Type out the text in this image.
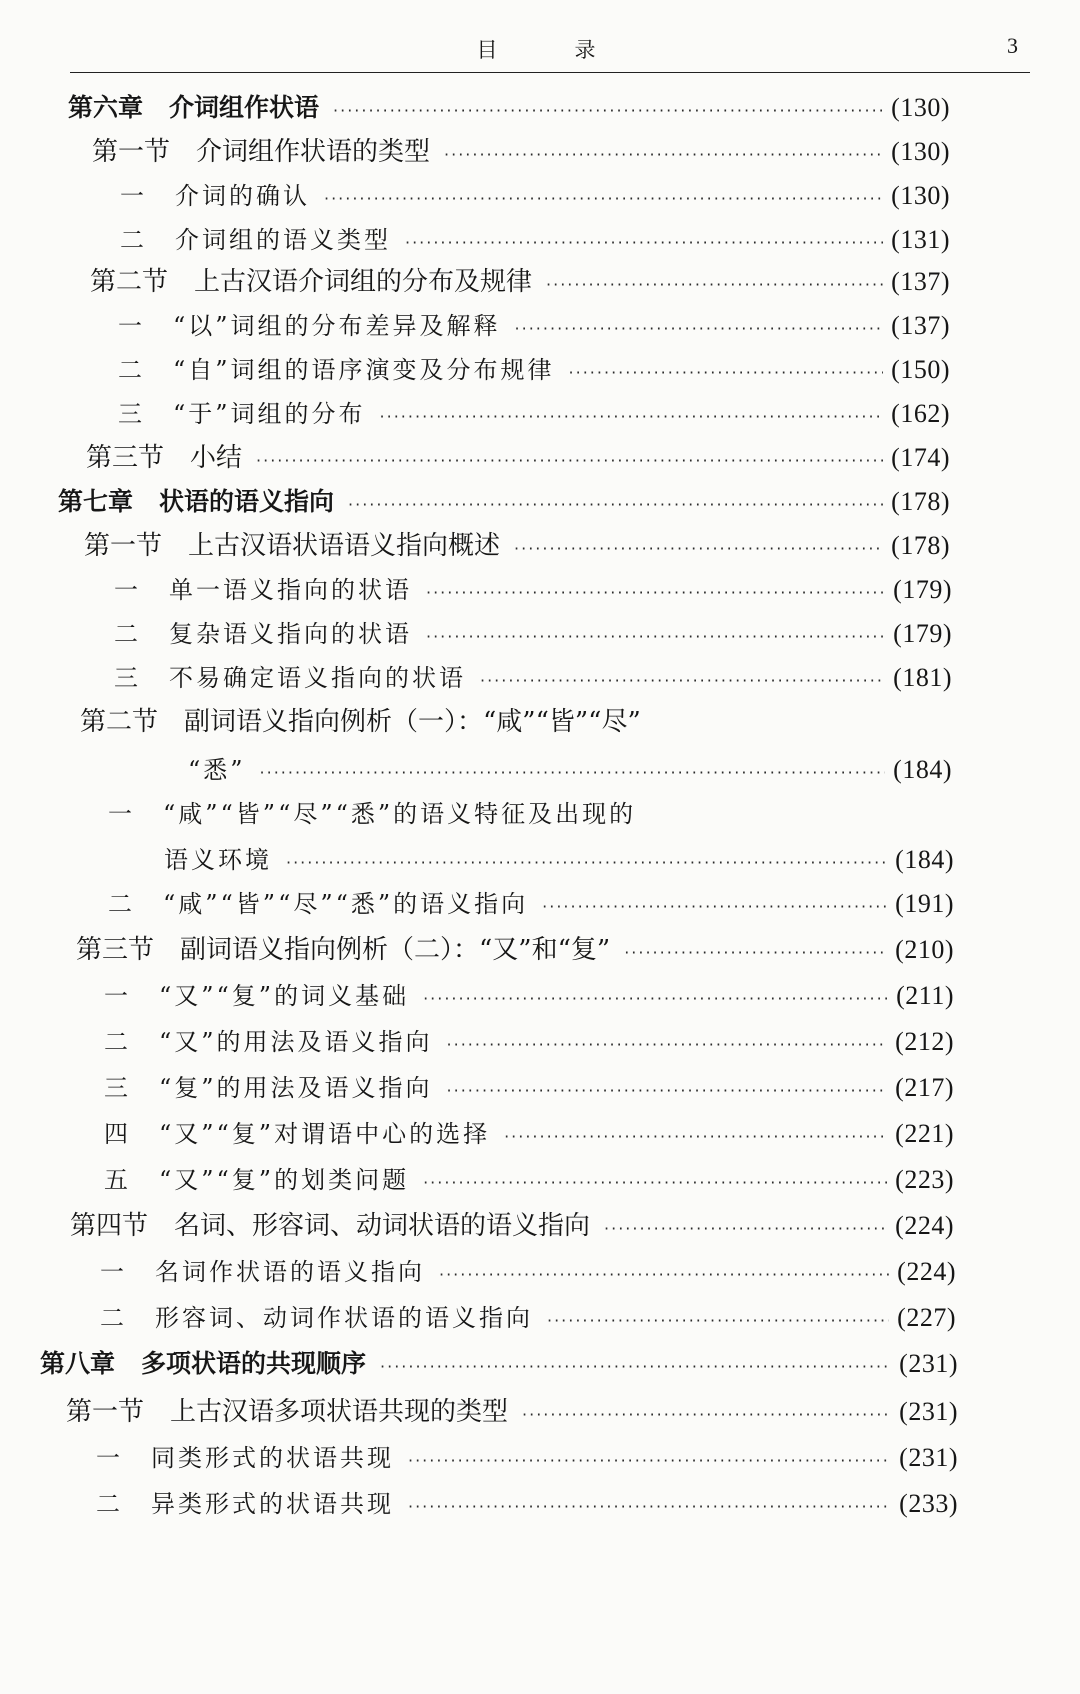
目　录	3
第六章 介词组作状语 ·····	(130)
第一节 介词组作状语的类型 ·····	(130)
一 介词的确认 ·····	(130)
二 介词组的语义类型 ·····	(131)
第二节 上古汉语介词组的分布及规律 ·····	(137)
一 “以”词组的分布差异及解释 ·····	(137)
二 “自”词组的语序演变及分布规律 ·····	(150)
三 “于”词组的分布 ·····	(162)
第三节 小结 ·····	(174)
第七章 状语的语义指向 ·····	(178)
第一节 上古汉语状语语义指向概述 ·····	(178)
一 单一语义指向的状语 ·····	(179)
二 复杂语义指向的状语 ·····	(179)
三 不易确定语义指向的状语 ·····	(181)
第二节 副词语义指向例析（一）：“咸”“皆”“尽”
“悉” ·····	(184)
一 “咸”“皆”“尽”“悉”的语义特征及出现的
语义环境 ·····	(184)
二 “咸”“皆”“尽”“悉”的语义指向 ·····	(191)
第三节 副词语义指向例析（二）：“又”和“复” ·····	(210)
一 “又”“复”的词义基础 ·····	(211)
二 “又”的用法及语义指向 ·····	(212)
三 “复”的用法及语义指向 ·····	(217)
四 “又”“复”对谓语中心的选择 ·····	(221)
五 “又”“复”的划类问题 ·····	(223)
第四节 名词、形容词、动词状语的语义指向 ·····	(224)
一 名词作状语的语义指向 ·····	(224)
二 形容词、动词作状语的语义指向 ·····	(227)
第八章 多项状语的共现顺序 ·····	(231)
第一节 上古汉语多项状语共现的类型 ·····	(231)
一 同类形式的状语共现 ·····	(231)
二 异类形式的状语共现 ·····	(233)
